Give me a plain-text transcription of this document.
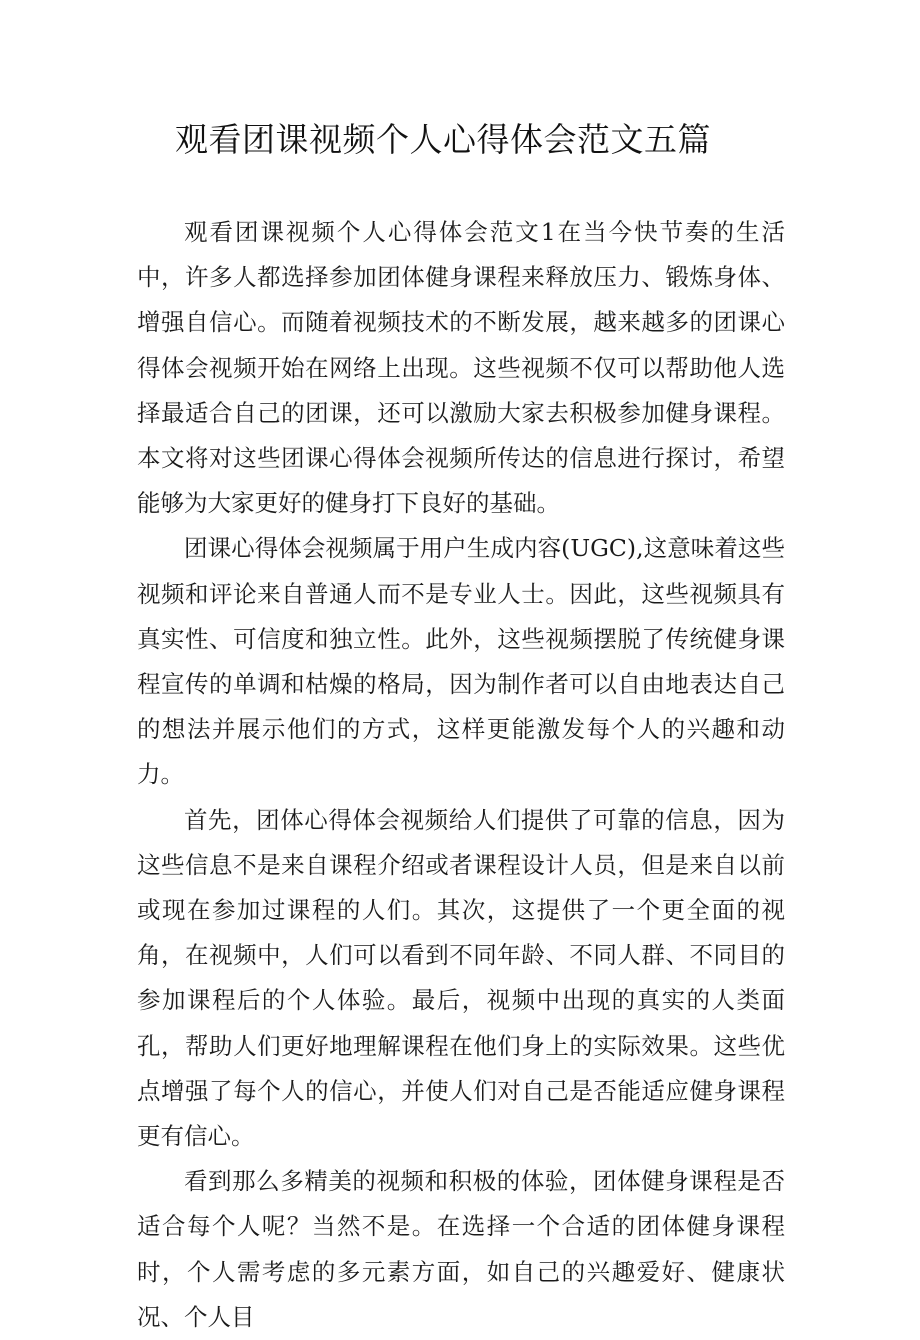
观看团课视频个人心得体会范文五篇

观看团课视频个人心得体会范文1在当今快节奏的生活中，许多人都选择参加团体健身课程来释放压力、锻炼身体、增强自信心。而随着视频技术的不断发展，越来越多的团课心得体会视频开始在网络上出现。这些视频不仅可以帮助他人选择最适合自己的团课，还可以激励大家去积极参加健身课程。本文将对这些团课心得体会视频所传达的信息进行探讨，希望能够为大家更好的健身打下良好的基础。

团课心得体会视频属于用户生成内容(UGC),这意味着这些视频和评论来自普通人而不是专业人士。因此，这些视频具有真实性、可信度和独立性。此外，这些视频摆脱了传统健身课程宣传的单调和枯燥的格局，因为制作者可以自由地表达自己的想法并展示他们的方式，这样更能激发每个人的兴趣和动力。

首先，团体心得体会视频给人们提供了可靠的信息，因为这些信息不是来自课程介绍或者课程设计人员，但是来自以前或现在参加过课程的人们。其次，这提供了一个更全面的视角，在视频中，人们可以看到不同年龄、不同人群、不同目的参加课程后的个人体验。最后，视频中出现的真实的人类面孔，帮助人们更好地理解课程在他们身上的实际效果。这些优点增强了每个人的信心，并使人们对自己是否能适应健身课程更有信心。

看到那么多精美的视频和积极的体验，团体健身课程是否适合每个人呢？当然不是。在选择一个合适的团体健身课程时，个人需考虑的多元素方面，如自己的兴趣爱好、健康状况、个人目
